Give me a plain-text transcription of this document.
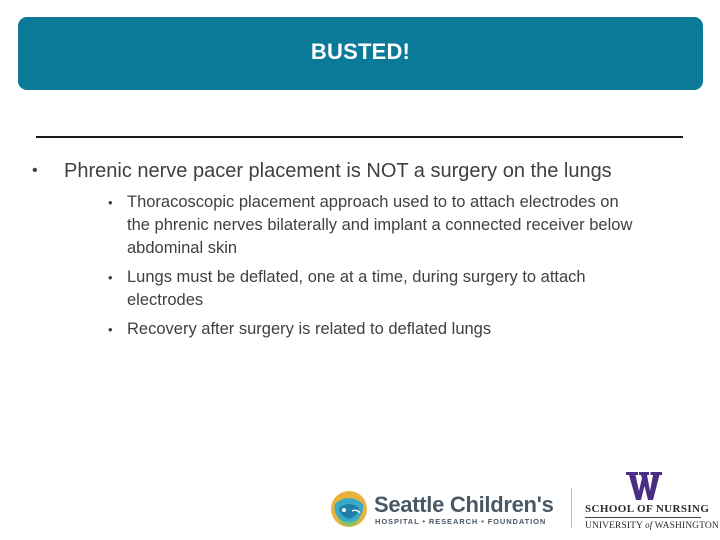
BUSTED!
• Phrenic nerve pacer placement is NOT a surgery on the lungs
• Thoracoscopic placement approach used to to attach electrodes on the phrenic nerves bilaterally and implant a connected receiver below abdominal skin
• Lungs must be deflated, one at a time, during surgery to attach electrodes
• Recovery after surgery is related to deflated lungs
Seattle Children's
HOSPITAL • RESEARCH • FOUNDATION
SCHOOL OF NURSING
UNIVERSITY of WASHINGTON
